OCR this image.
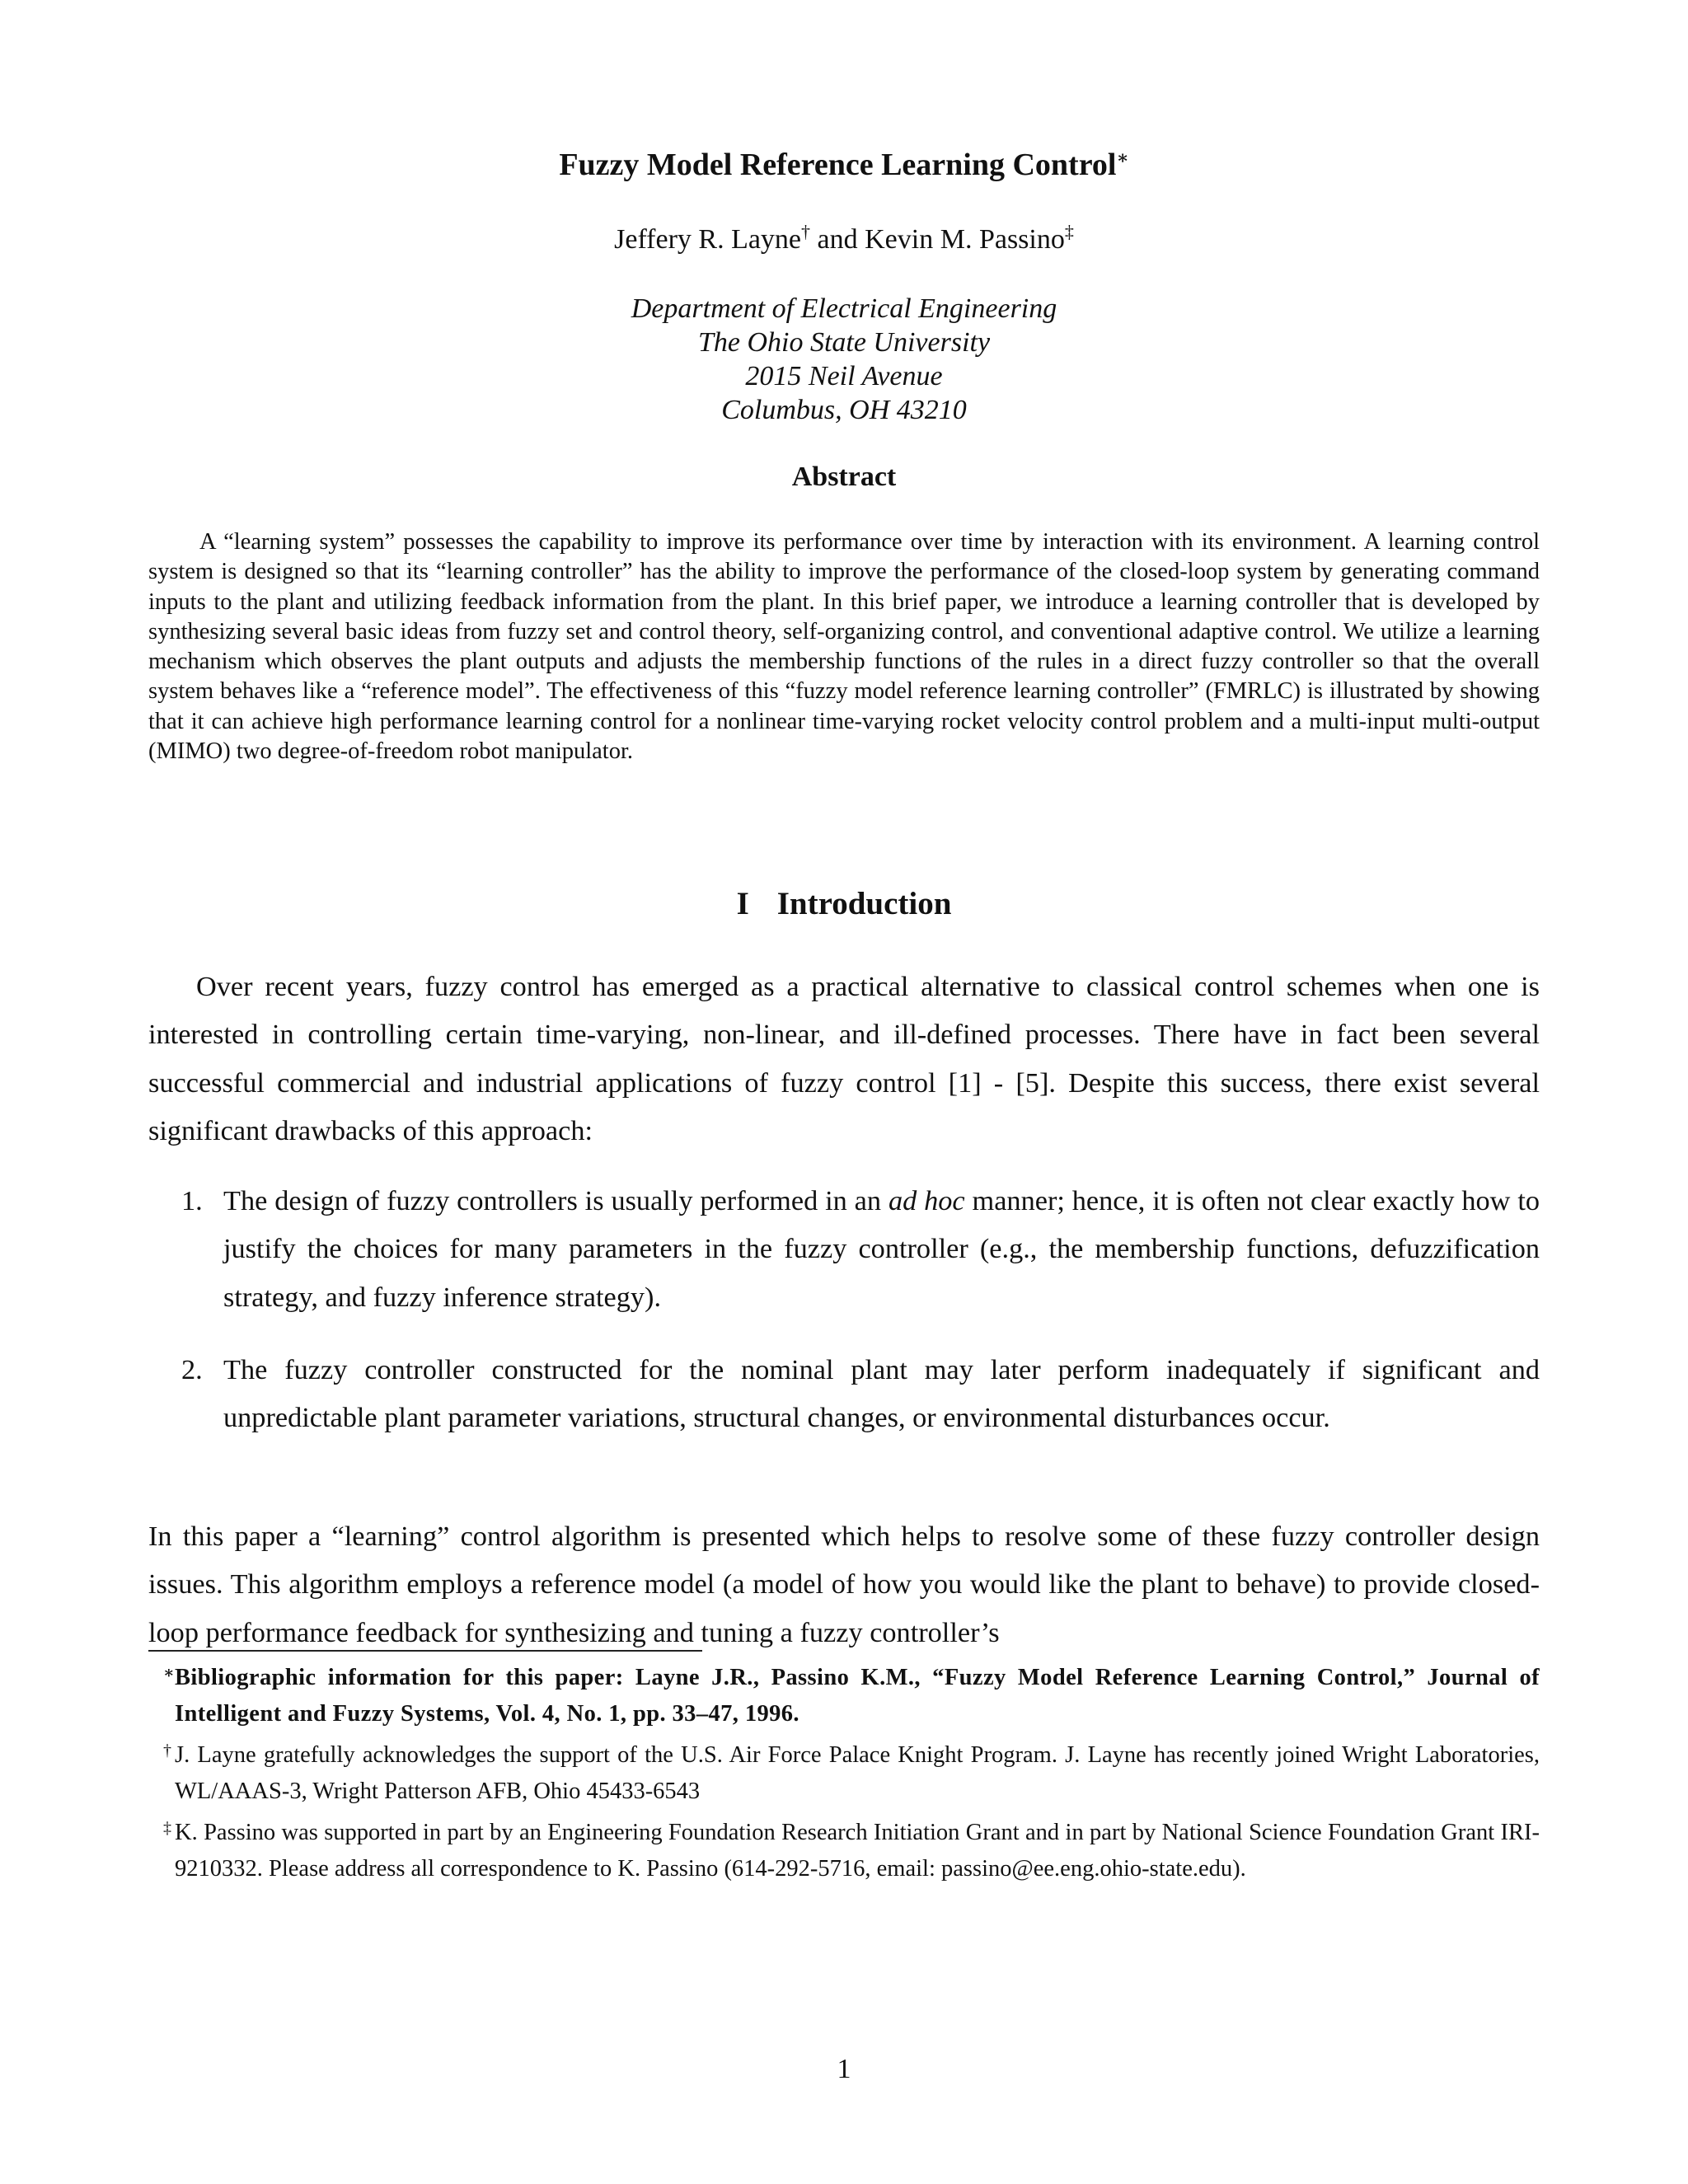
Fuzzy Model Reference Learning Control∗
Jeffery R. Layne† and Kevin M. Passino‡
Department of Electrical Engineering
The Ohio State University
2015 Neil Avenue
Columbus, OH 43210
Abstract

A “learning system” possesses the capability to improve its performance over time by interaction with its environment. A learning control system is designed so that its “learning controller” has the ability to improve the performance of the closed-loop system by generating command inputs to the plant and utilizing feedback information from the plant. In this brief paper, we introduce a learning controller that is developed by synthesizing several basic ideas from fuzzy set and control theory, self-organizing control, and conventional adaptive control. We utilize a learning mechanism which observes the plant outputs and adjusts the membership functions of the rules in a direct fuzzy controller so that the overall system behaves like a “reference model”. The effectiveness of this “fuzzy model reference learning controller” (FMRLC) is illustrated by showing that it can achieve high performance learning control for a nonlinear time-varying rocket velocity control problem and a multi-input multi-output (MIMO) two degree-of-freedom robot manipulator.

I Introduction

Over recent years, fuzzy control has emerged as a practical alternative to classical control schemes when one is interested in controlling certain time-varying, non-linear, and ill-defined processes. There have in fact been several successful commercial and industrial applications of fuzzy control [1] - [5]. Despite this success, there exist several significant drawbacks of this approach:

1. The design of fuzzy controllers is usually performed in an ad hoc manner; hence, it is often not clear exactly how to justify the choices for many parameters in the fuzzy controller (e.g., the membership functions, defuzzification strategy, and fuzzy inference strategy).
2. The fuzzy controller constructed for the nominal plant may later perform inadequately if significant and unpredictable plant parameter variations, structural changes, or environmental disturbances occur.

In this paper a “learning” control algorithm is presented which helps to resolve some of these fuzzy controller design issues. This algorithm employs a reference model (a model of how you would like the plant to behave) to provide closed-loop performance feedback for synthesizing and tuning a fuzzy controller’s

∗ Bibliographic information for this paper: Layne J.R., Passino K.M., “Fuzzy Model Reference Learning Control,” Journal of Intelligent and Fuzzy Systems, Vol. 4, No. 1, pp. 33–47, 1996.
† J. Layne gratefully acknowledges the support of the U.S. Air Force Palace Knight Program. J. Layne has recently joined Wright Laboratories, WL/AAAS-3, Wright Patterson AFB, Ohio 45433-6543
‡ K. Passino was supported in part by an Engineering Foundation Research Initiation Grant and in part by National Science Foundation Grant IRI-9210332. Please address all correspondence to K. Passino (614-292-5716, email: passino@ee.eng.ohio-state.edu).
1
